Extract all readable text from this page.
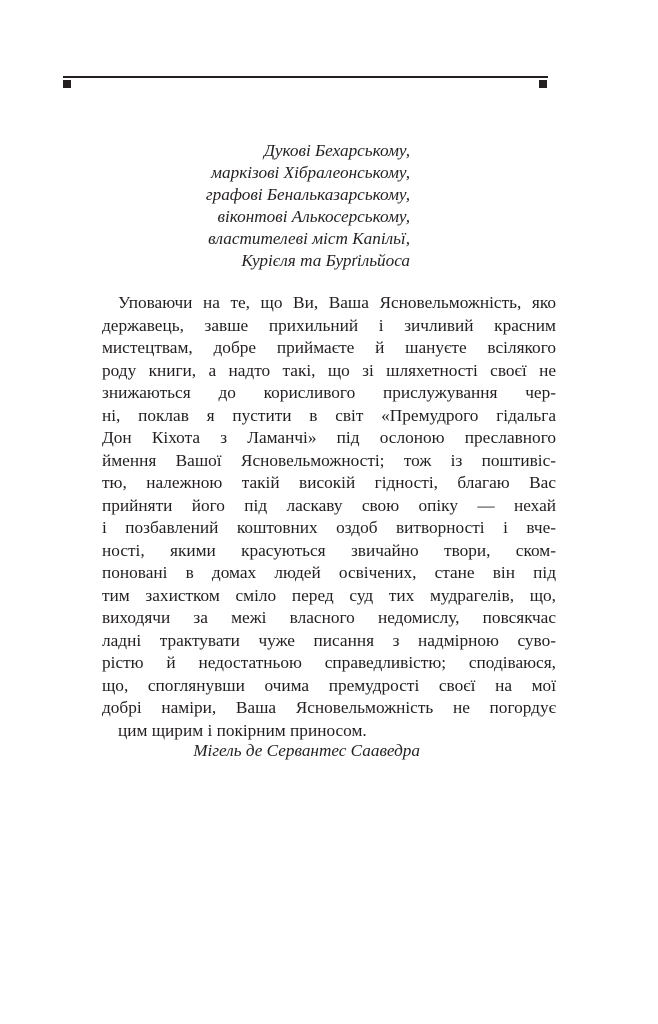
Дукові Бехарському,
маркізові Хібралеонському,
графові Бенальказарському,
віконтові Алькосерському,
властителеві міст Капільї,
Курієля та Бурґільйоса
Уповаючи на те, що Ви, Ваша Ясновельможність, яко
державець, завше прихильний і зичливий красним
мистецтвам, добре приймаєте й шануєте всілякого
роду книги, а надто такі, що зі шляхетності своєї не
знижаються до корисливого прислужування чер-
ні, поклав я пустити в світ «Премудрого гідальга
Дон Кіхота з Ламанчі» під ослоною преславного
ймення Вашої Ясновельможності; тож із поштивіс-
тю, належною такій високій гідності, благаю Вас
прийняти його під ласкаву свою опіку — нехай
і позбавлений коштовних оздоб витворності і вче-
ності, якими красуються звичайно твори, ском-
поновані в домах людей освічених, стане він під
тим захистком сміло перед суд тих мудрагелів, що,
виходячи за межі власного недомислу, повсякчас
ладні трактувати чуже писання з надмірною суво-
рістю й недостатньою справедливістю; сподіваюся,
що, споглянувши очима премудрості своєї на мої
добрі наміри, Ваша Ясновельможність не погордує
цим щирим і покірним приносом.
Мігель де Сервантес Сааведра
